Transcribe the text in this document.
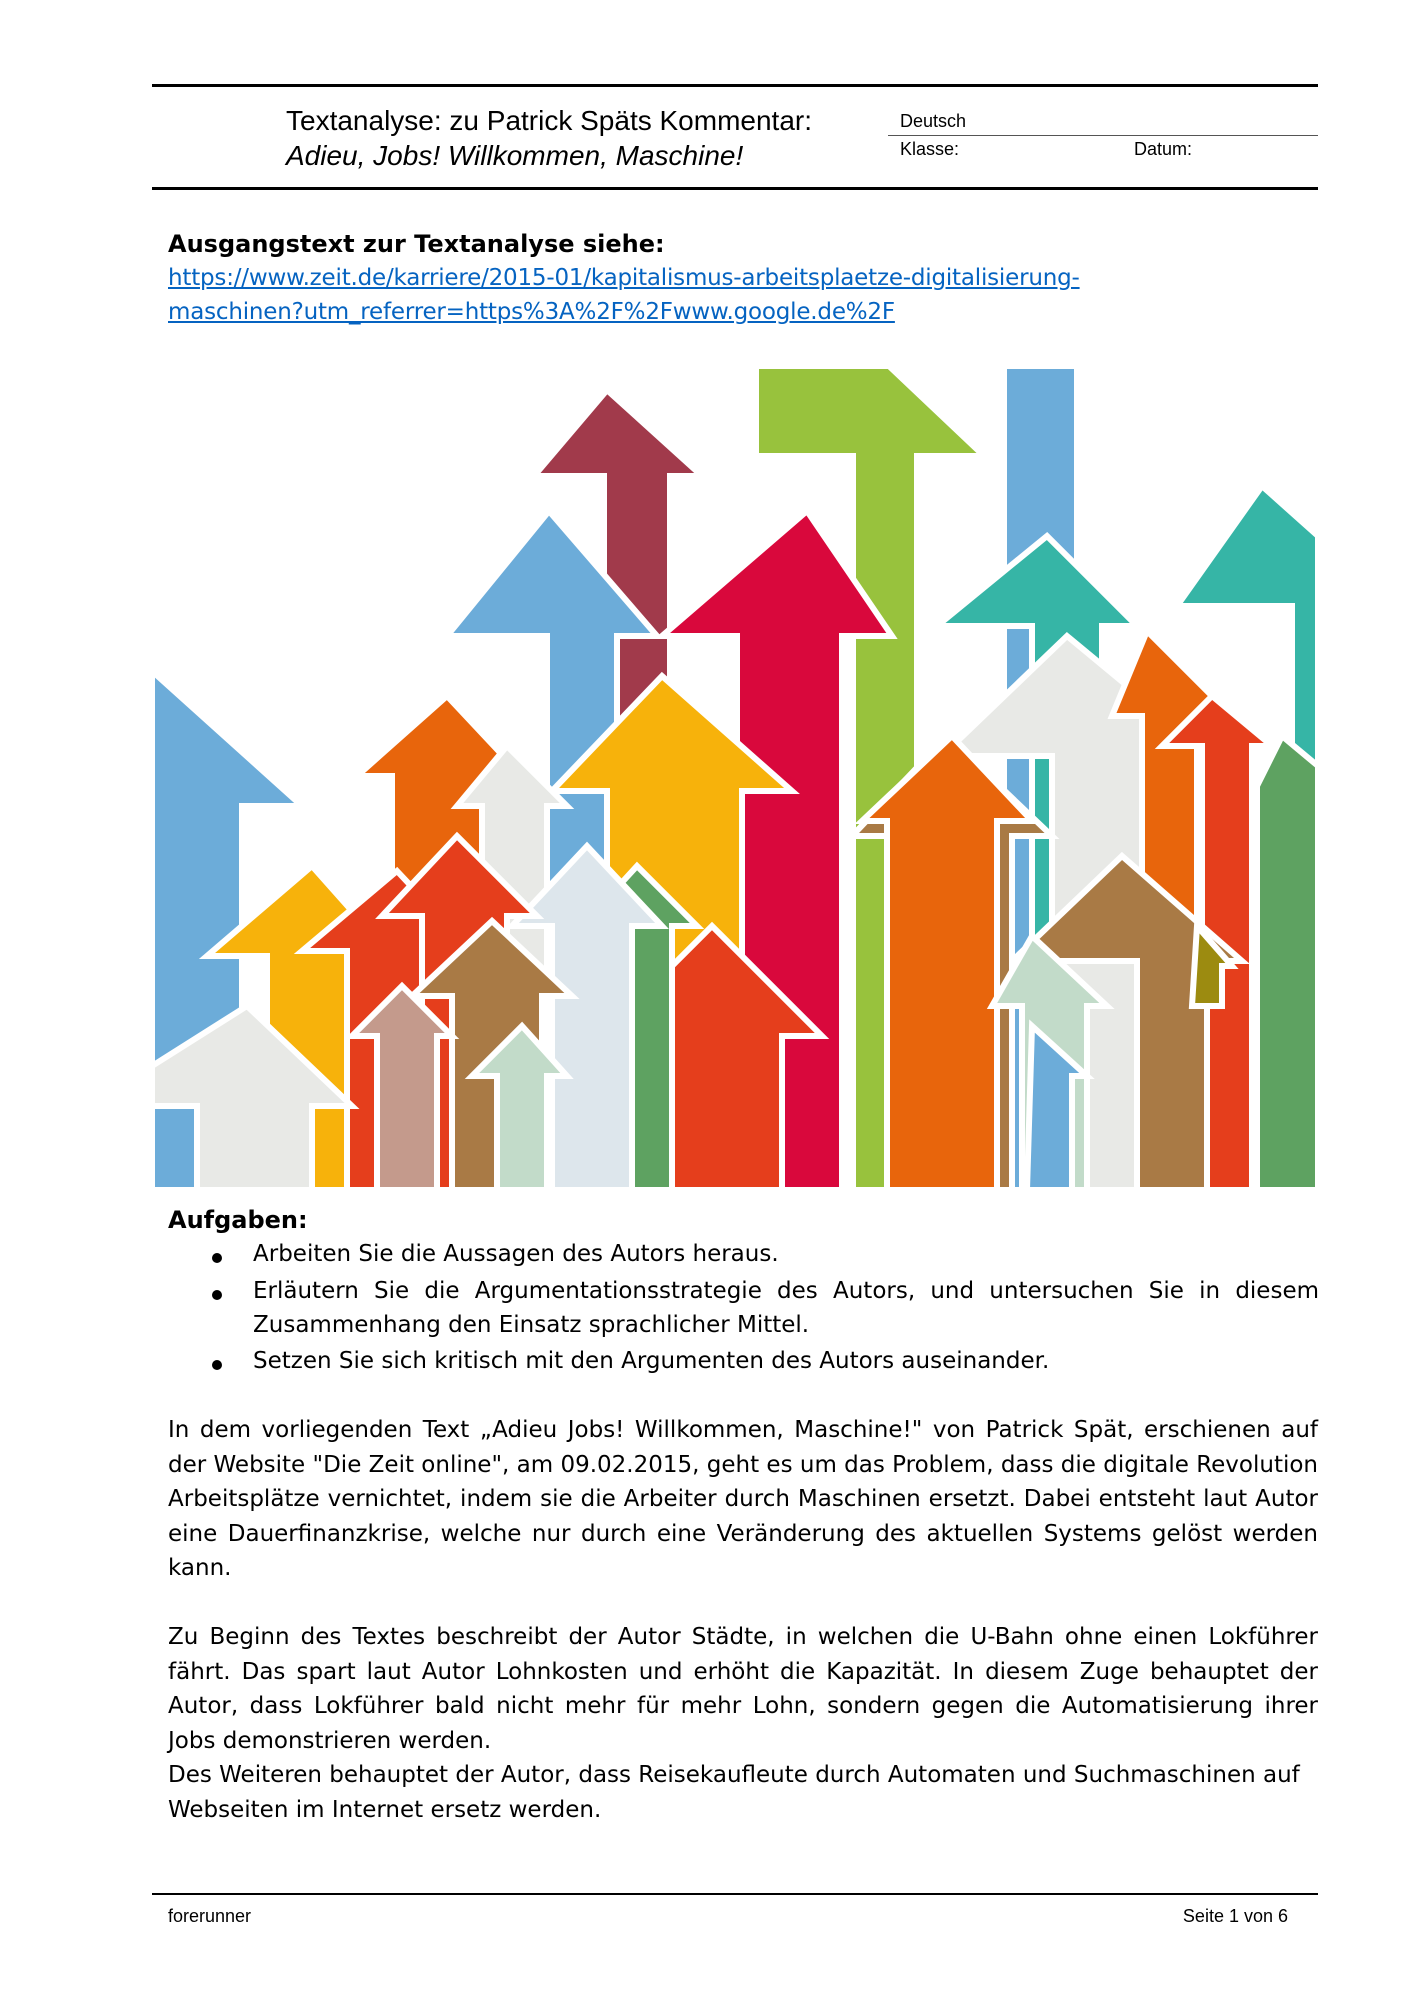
Textanalyse: zu Patrick Späts Kommentar:
Adieu, Jobs! Willkommen, Maschine!
Deutsch
Klasse:	Datum:
Ausgangstext zur Textanalyse siehe:
https://www.zeit.de/karriere/2015-01/kapitalismus-arbeitsplaetze-digitalisierung-
maschinen?utm_referrer=https%3A%2F%2Fwww.google.de%2F
Aufgaben:
Arbeiten Sie die Aussagen des Autors heraus.
Erläutern Sie die Argumentationsstrategie des Autors, und untersuchen Sie in diesem Zusammenhang den Einsatz sprachlicher Mittel.
Setzen Sie sich kritisch mit den Argumenten des Autors auseinander.
In dem vorliegenden Text „Adieu Jobs! Willkommen, Maschine!" von Patrick Spät, erschienen auf der Website "Die Zeit online", am 09.02.2015, geht es um das Problem, dass die digitale Revolution Arbeitsplätze vernichtet, indem sie die Arbeiter durch Maschinen ersetzt. Dabei entsteht laut Autor eine Dauerfinanzkrise, welche nur durch eine Veränderung des aktuellen Systems gelöst werden kann.
Zu Beginn des Textes beschreibt der Autor Städte, in welchen die U-Bahn ohne einen Lokführer fährt. Das spart laut Autor Lohnkosten und erhöht die Kapazität. In diesem Zuge behauptet der Autor, dass Lokführer bald nicht mehr für mehr Lohn, sondern gegen die Automatisierung ihrer Jobs demonstrieren werden.
Des Weiteren behauptet der Autor, dass Reisekaufleute durch Automaten und Suchmaschinen auf Webseiten im Internet ersetz werden.
forerunner	Seite 1 von 6
